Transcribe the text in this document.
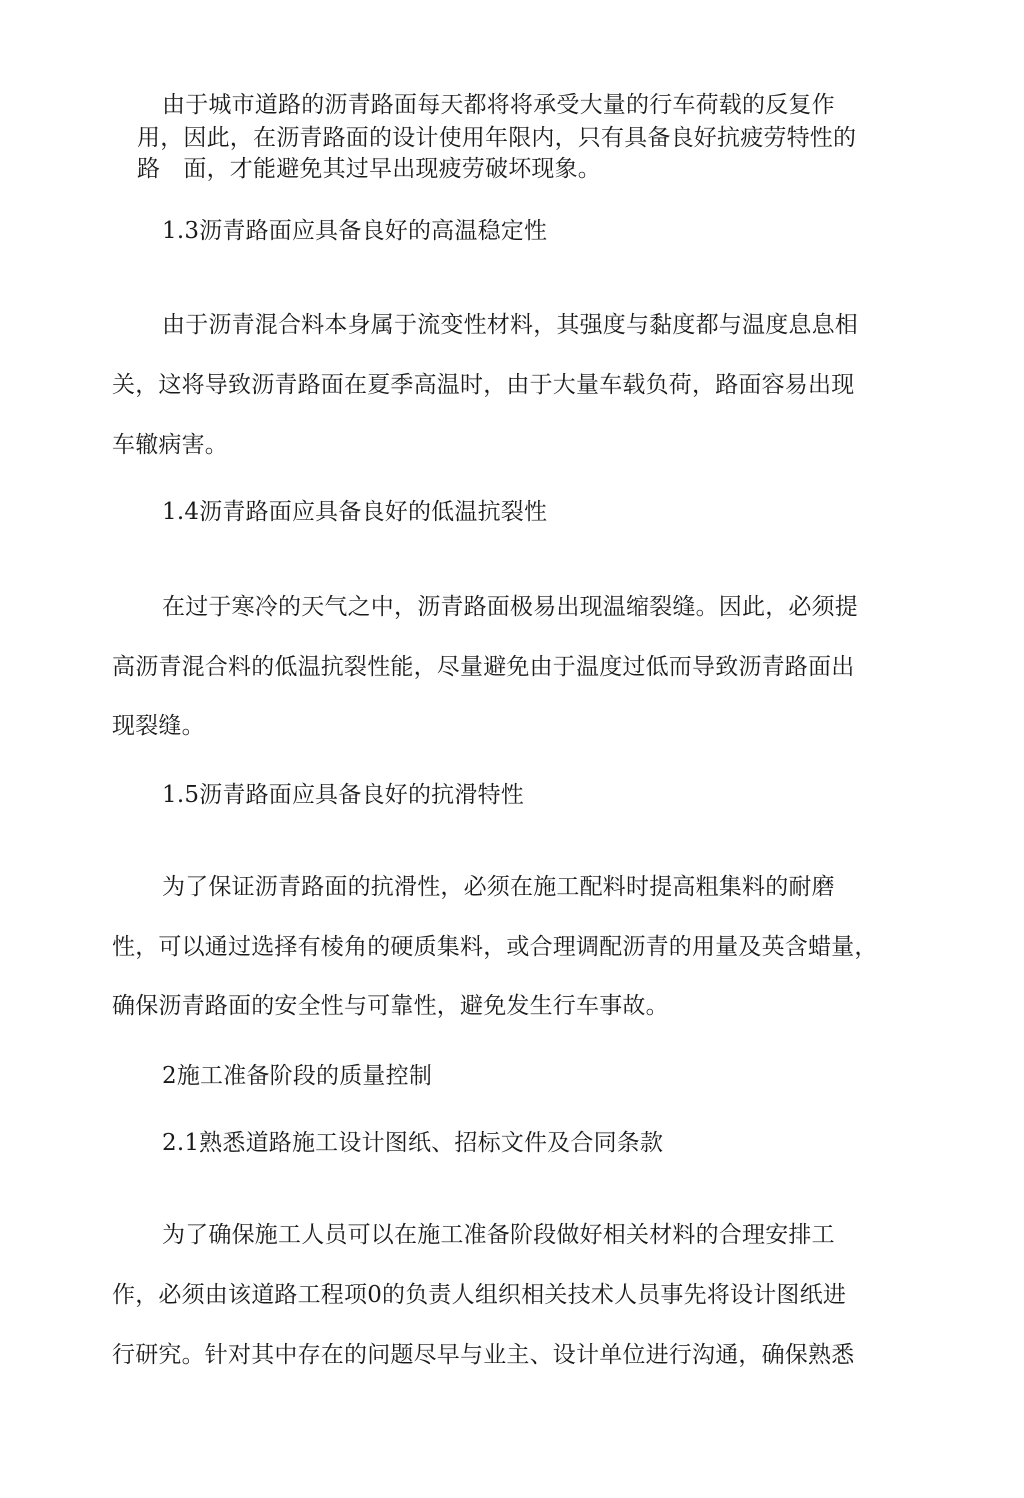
由于城市道路的沥青路面每天都将将承受大量的行车荷载的反复作
用，因此，在沥青路面的设计使用年限内，只有具备良好抗疲劳特性的
路　面，才能避免其过早出现疲劳破坏现象。
1.3沥青路面应具备良好的高温稳定性
由于沥青混合料本身属于流变性材料，其强度与黏度都与温度息息相
关，这将导致沥青路面在夏季高温时，由于大量车载负荷，路面容易出现
车辙病害。
1.4沥青路面应具备良好的低温抗裂性
在过于寒冷的天气之中，沥青路面极易出现温缩裂缝。因此，必须提
高沥青混合料的低温抗裂性能，尽量避免由于温度过低而导致沥青路面出
现裂缝。
1.5沥青路面应具备良好的抗滑特性
为了保证沥青路面的抗滑性，必须在施工配料时提高粗集料的耐磨
性，可以通过选择有棱角的硬质集料，或合理调配沥青的用量及英含蜡量，
确保沥青路面的安全性与可靠性，避免发生行车事故。
2施工准备阶段的质量控制
2.1熟悉道路施工设计图纸、招标文件及合同条款
为了确保施工人员可以在施工准备阶段做好相关材料的合理安排工
作，必须由该道路工程项0的负责人组织相关技术人员事先将设计图纸进
行研究。针对其中存在的问题尽早与业主、设计单位进行沟通，确保熟悉
